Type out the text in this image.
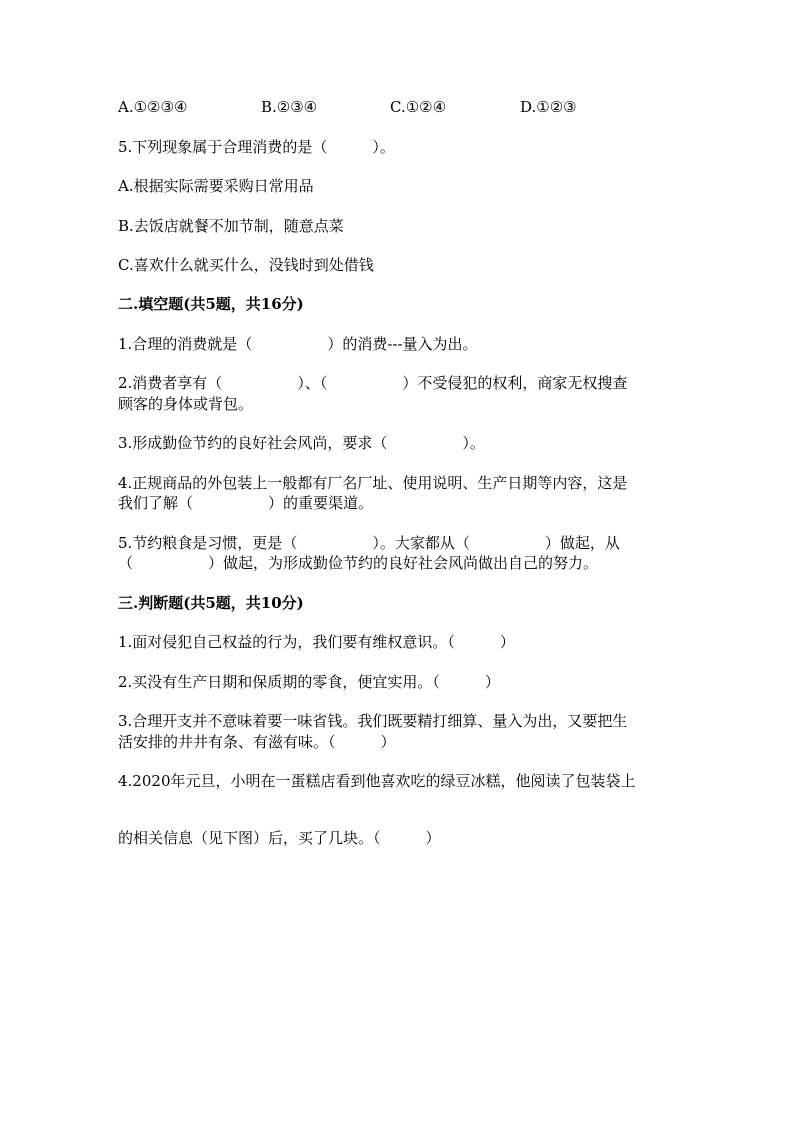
A.①②③④	B.②③④	C.①②④	D.①②③
5.下列现象属于合理消费的是（　　　）。
A.根据实际需要采购日常用品
B.去饭店就餐不加节制，随意点菜
C.喜欢什么就买什么，没钱时到处借钱
二.填空题(共5题，共16分)
1.合理的消费就是（　　　　　）的消费---量入为出。
2.消费者享有（　　　　　）、（　　　　　）不受侵犯的权利，商家无权搜查
顾客的身体或背包。
3.形成勤俭节约的良好社会风尚，要求（　　　　　）。
4.正规商品的外包装上一般都有厂名厂址、使用说明、生产日期等内容，这是
我们了解（　　　　　）的重要渠道。
5.节约粮食是习惯，更是（　　　　　）。大家都从（　　　　　）做起，从
（　　　　　）做起，为形成勤俭节约的良好社会风尚做出自己的努力。
三.判断题(共5题，共10分)
1.面对侵犯自己权益的行为，我们要有维权意识。（　　　）
2.买没有生产日期和保质期的零食，便宜实用。（　　　）
3.合理开支并不意味着要一味省钱。我们既要精打细算、量入为出，又要把生
活安排的井井有条、有滋有味。（　　　）
4.2020年元旦，小明在一蛋糕店看到他喜欢吃的绿豆冰糕，他阅读了包装袋上
的相关信息（见下图）后，买了几块。（　　　）
